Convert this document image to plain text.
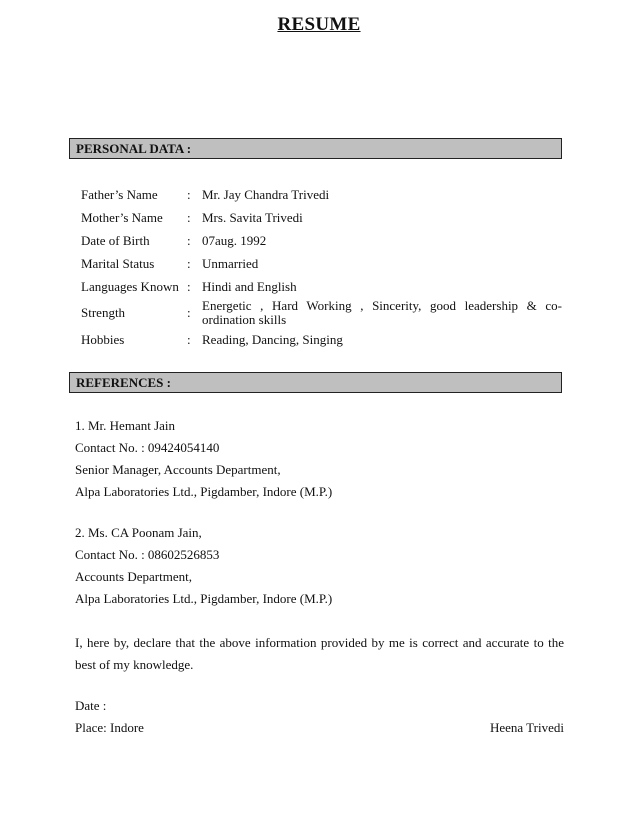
RESUME
PERSONAL DATA :
Father’s Name : Mr. Jay Chandra Trivedi
Mother’s Name : Mrs. Savita Trivedi
Date of Birth	: 07aug. 1992
Marital Status	: Unmarried
Languages Known : Hindi and English
Strength	: Energetic , Hard Working , Sincerity, good leadership & co-ordination skills
Hobbies	: Reading, Dancing, Singing
REFERENCES :
1. Mr. Hemant Jain
Contact No. : 09424054140
Senior Manager, Accounts Department,
Alpa Laboratories Ltd., Pigdamber, Indore (M.P.)
2. Ms. CA Poonam Jain,
Contact No. : 08602526853
Accounts Department,
Alpa Laboratories Ltd., Pigdamber, Indore (M.P.)
I, here by, declare that the above information provided by me is correct and accurate to the best of my knowledge.
Date :
Place: Indore	Heena Trivedi
